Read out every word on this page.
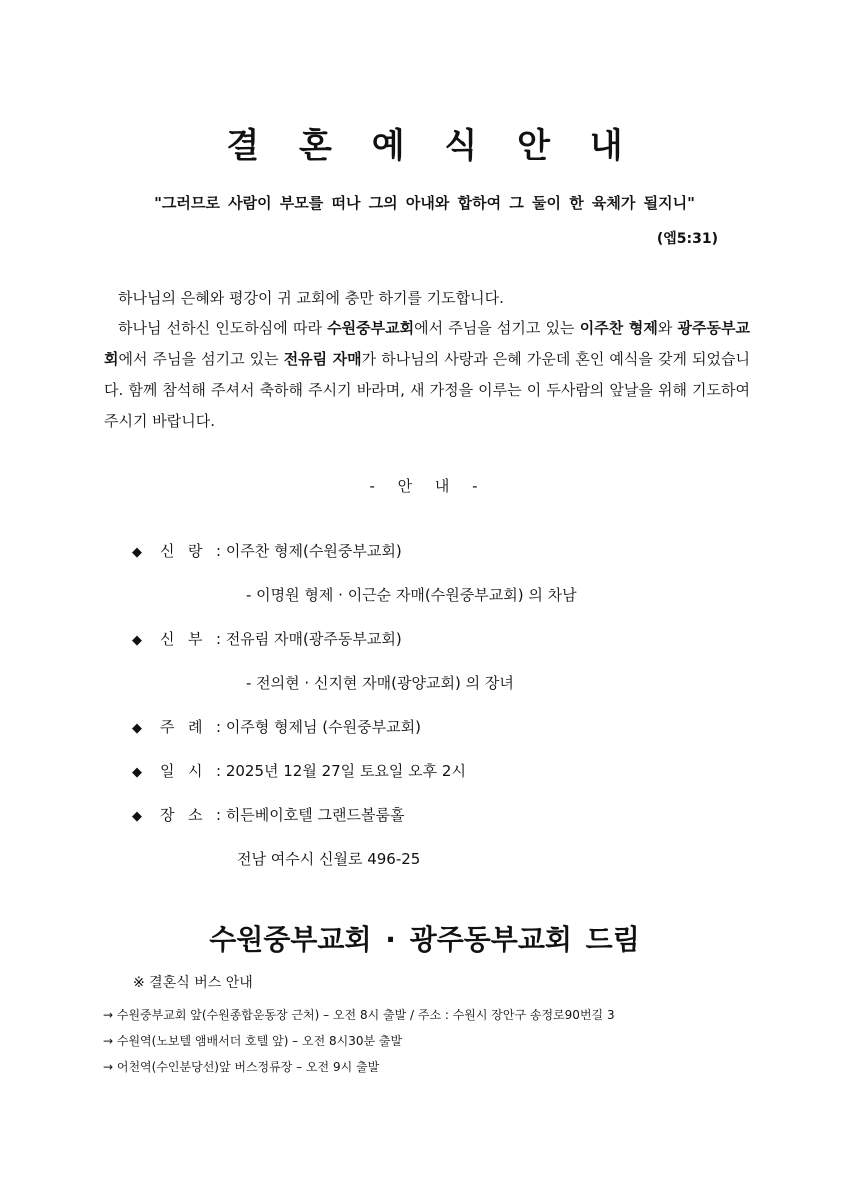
결 혼 예 식 안 내
"그러므로 사람이 부모를 떠나 그의 아내와 합하여 그 둘이 한 육체가 될지니"
(엡5:31)
하나님의 은혜와 평강이 귀 교회에 충만 하기를 기도합니다.
하나님 선하신 인도하심에 따라 수원중부교회에서 주님을 섬기고 있는 이주찬 형제와 광주동부교회에서 주님을 섬기고 있는 전유림 자매가 하나님의 사랑과 은혜 가운데 혼인 예식을 갖게 되었습니다. 함께 참석해 주셔서 축하해 주시기 바라며, 새 가정을 이루는 이 두사람의 앞날을 위해 기도하여 주시기 바랍니다.
- 안 내 -
◆ 신 랑 : 이주찬 형제(수원중부교회)
- 이명원 형제 · 이근순 자매(수원중부교회) 의 차남
◆ 신 부 : 전유림 자매(광주동부교회)
- 전의현 · 신지현 자매(광양교회) 의 장녀
◆ 주 례 : 이주형 형제님 (수원중부교회)
◆ 일 시 : 2025년 12월 27일 토요일 오후 2시
◆ 장 소 : 히든베이호텔 그랜드볼룸홀
전남 여수시 신월로 496-25
수원중부교회 · 광주동부교회 드림
※ 결혼식 버스 안내
→ 수원중부교회 앞(수원종합운동장 근처) – 오전 8시 출발 / 주소 : 수원시 장안구 송정로90번길 3
→ 수원역(노보텔 앰배서더 호텔 앞) – 오전 8시30분 출발
→ 어천역(수인분당선)앞 버스정류장 – 오전 9시 출발
